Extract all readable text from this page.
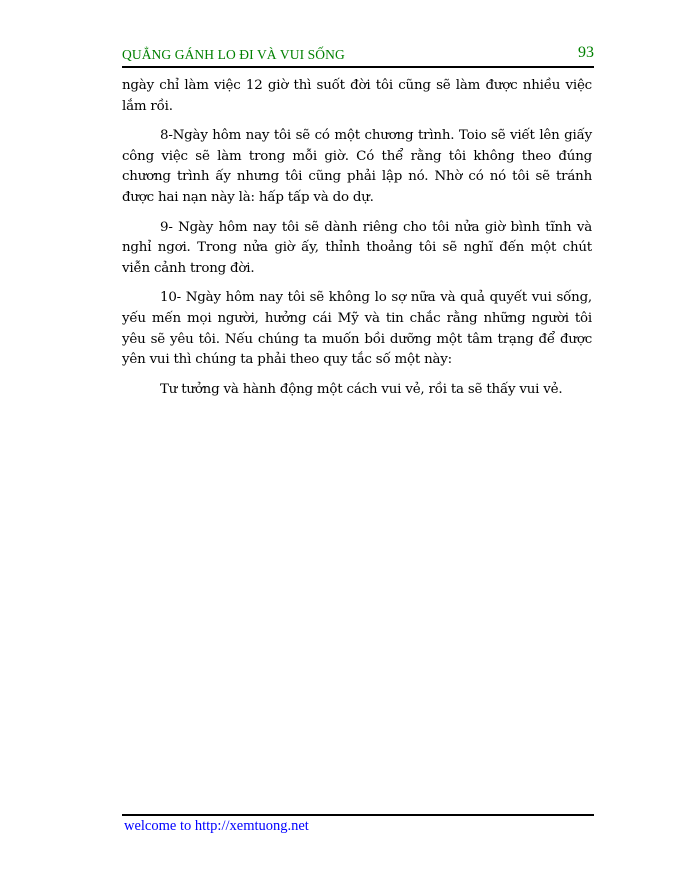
QUẲNG GÁNH LO ĐI VÀ VUI SỐNG	93

ngày chỉ làm việc 12 giờ thì suốt đời tôi cũng sẽ làm được nhiều việc lắm rồi.

8-Ngày hôm nay tôi sẽ có một chương trình. Toio sẽ viết lên giấy công việc sẽ làm trong mỗi giờ. Có thể rằng tôi không theo đúng chương trình ấy nhưng tôi cũng phải lập nó. Nhờ có nó tôi sẽ tránh được hai nạn này là: hấp tấp và do dự.

9- Ngày hôm nay tôi sẽ dành riêng cho tôi nửa giờ bình tĩnh và nghỉ ngơi. Trong nửa giờ ấy, thỉnh thoảng tôi sẽ nghĩ đến một chút viễn cảnh trong đời.

10- Ngày hôm nay tôi sẽ không lo sợ nữa và quả quyết vui sống, yếu mến mọi người, hưởng cái Mỹ và tin chắc rằng những người tôi yêu sẽ yêu tôi. Nếu chúng ta muốn bồi dưỡng một tâm trạng để được yên vui thì chúng ta phải theo quy tắc số một này:

Tư tưởng và hành động một cách vui vẻ, rồi ta sẽ thấy vui vẻ.

welcome to http://xemtuong.net
